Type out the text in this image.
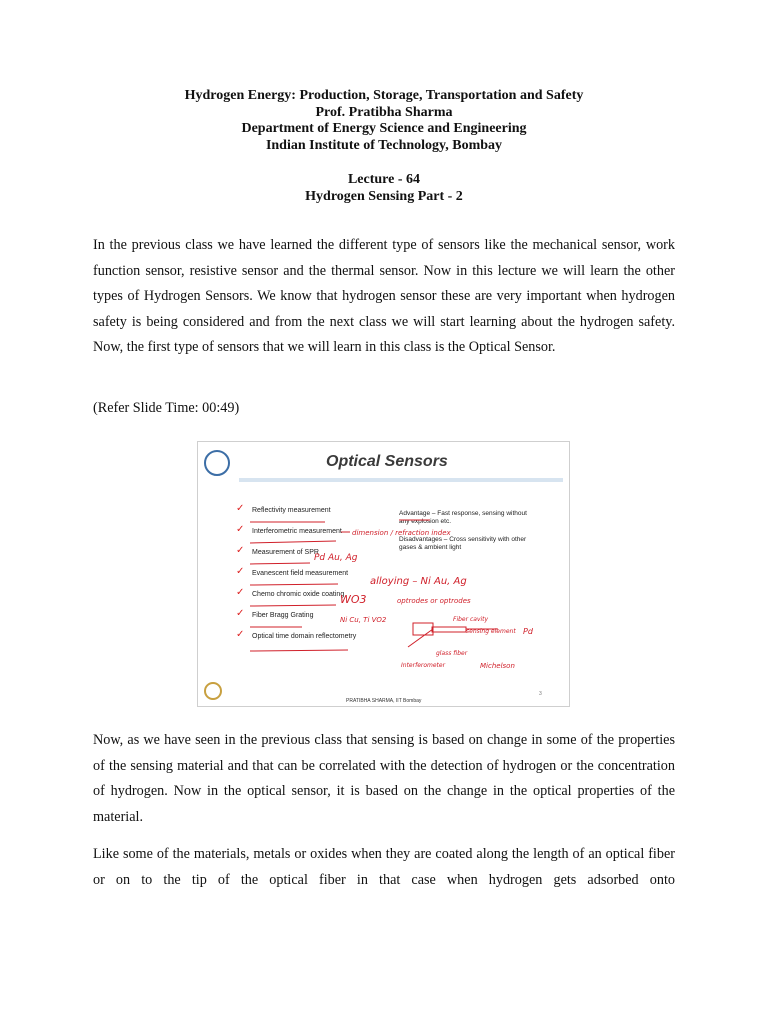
Hydrogen Energy: Production, Storage, Transportation and Safety
Prof. Pratibha Sharma
Department of Energy Science and Engineering
Indian Institute of Technology, Bombay
Lecture - 64
Hydrogen Sensing Part - 2
In the previous class we have learned the different type of sensors like the mechanical sensor, work function sensor, resistive sensor and the thermal sensor. Now in this lecture we will learn the other types of Hydrogen Sensors. We know that hydrogen sensor these are very important when hydrogen safety is being considered and from the next class we will start learning about the hydrogen safety. Now, the first type of sensors that we will learn in this class is the Optical Sensor.
(Refer Slide Time: 00:49)
Optical Sensors
✓ Reflectivity measurement
✓ Interferometric measurement
✓ Measurement of SPR
✓ Evanescent field measurement
✓ Chemo chromic oxide coating
✓ Fiber Bragg Grating
✓ Optical time domain reflectometry

Advantage – Fast response, sensing without any explosion etc.

Disadvantages – Cross sensitivity with other gases & ambient light

dimension / refraction index
Pd Au, Ag
alloying – Ni Au, Ag
WO3
Ni Cu, Ti VO2
optrodes or optrodes
Fiber cavity
sensing element Pd
Interferometer
glass fiber
Michelson
PRATIBHA SHARMA, IIT Bombay
3
Now, as we have seen in the previous class that sensing is based on change in some of the properties of the sensing material and that can be correlated with the detection of hydrogen or the concentration of hydrogen. Now in the optical sensor, it is based on the change in the optical properties of the material.
Like some of the materials, metals or oxides when they are coated along the length of an optical fiber or on to the tip of the optical fiber in that case when hydrogen gets adsorbed onto
